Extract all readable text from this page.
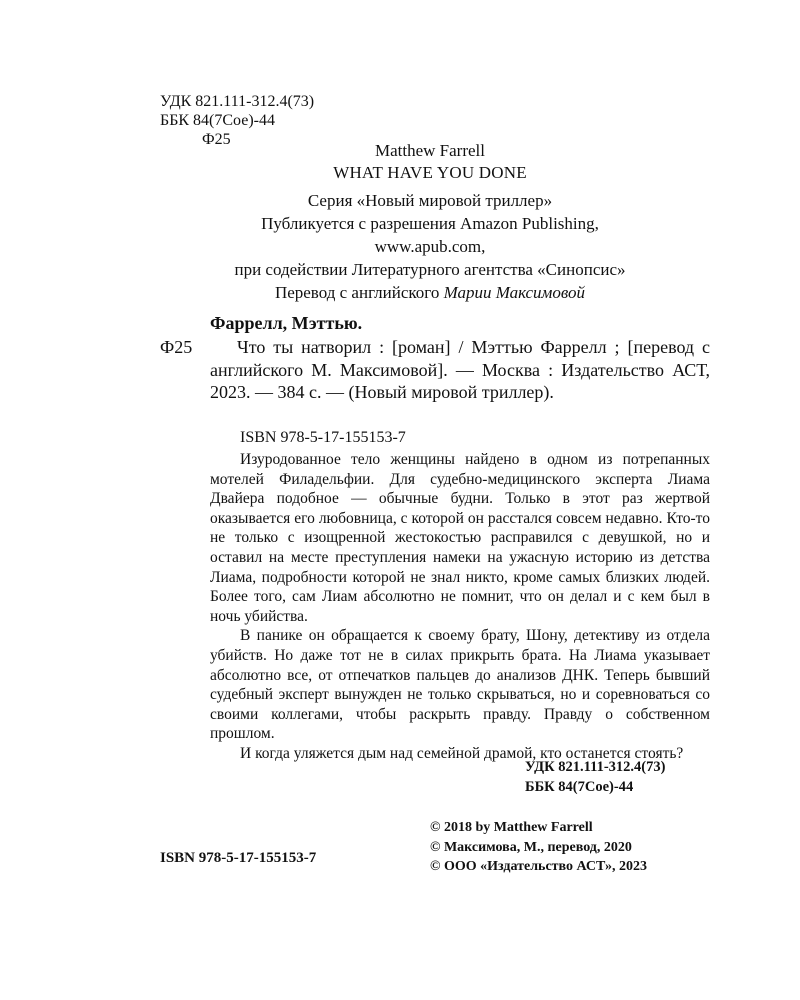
УДК 821.111-312.4(73)
ББК 84(7Сое)-44
Ф25
Matthew Farrell
WHAT HAVE YOU DONE
Серия «Новый мировой триллер»
Публикуется с разрешения Amazon Publishing,
www.apub.com,
при содействии Литературного агентства «Синопсис»
Перевод с английского Марии Максимовой
Фаррелл, Мэттью.
Ф25	Что ты натворил : [роман] / Мэттью Фаррелл ; [перевод с английского М. Максимовой]. — Москва : Издательство АСТ, 2023. — 384 с. — (Новый мировой триллер).
ISBN 978-5-17-155153-7

Изуродованное тело женщины найдено в одном из потрепанных мотелей Филадельфии. Для судебно-медицинского эксперта Лиама Двайера подобное — обычные будни. Только в этот раз жертвой оказывается его любовница, с которой он расстался совсем недавно. Кто-то не только с изощренной жестокостью расправился с девушкой, но и оставил на месте преступления намеки на ужасную историю из детства Лиама, подробности которой не знал никто, кроме самых близких людей. Более того, сам Лиам абсолютно не помнит, что он делал и с кем был в ночь убийства.

В панике он обращается к своему брату, Шону, детективу из отдела убийств. Но даже тот не в силах прикрыть брата. На Лиама указывает абсолютно все, от отпечатков пальцев до анализов ДНК. Теперь бывший судебный эксперт вынужден не только скрываться, но и соревноваться со своими коллегами, чтобы раскрыть правду. Правду о собственном прошлом.

И когда уляжется дым над семейной драмой, кто останется стоять?

УДК 821.111-312.4(73)
ББК 84(7Сое)-44
© 2018 by Matthew Farrell
© Максимова, М., перевод, 2020
© ООО «Издательство АСТ», 2023
ISBN 978-5-17-155153-7
